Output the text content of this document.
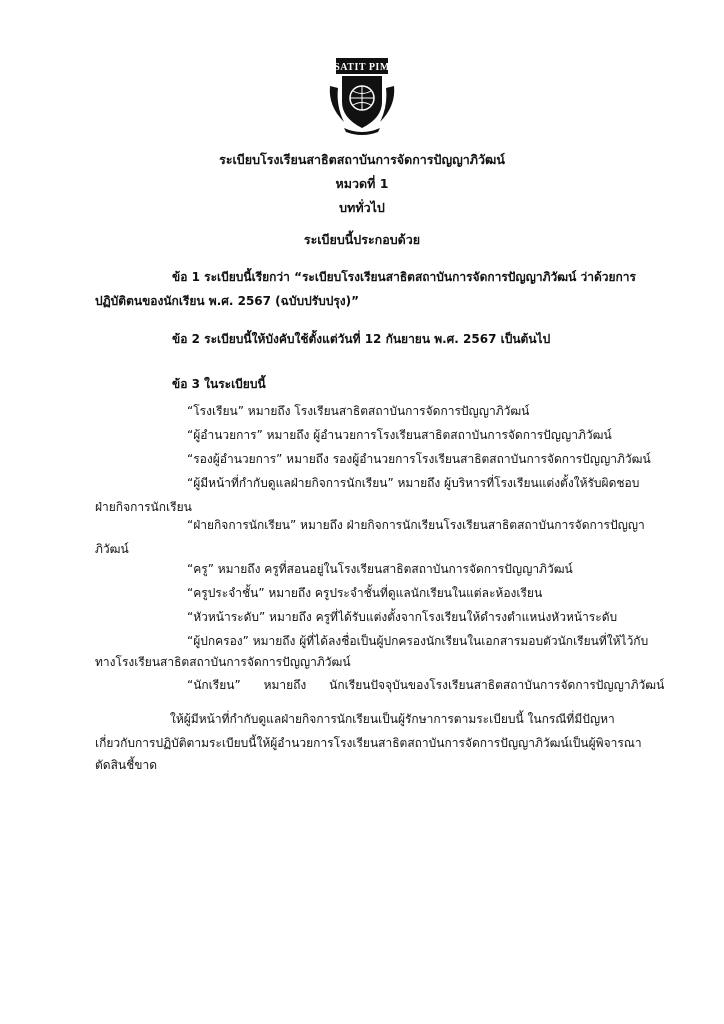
SATIT PIM
ระเบียบโรงเรียนสาธิตสถาบันการจัดการปัญญาภิวัฒน์
หมวดที่ 1
บททั่วไป
ระเบียบนี้ประกอบด้วย
ข้อ 1 ระเบียบนี้เรียกว่า “ระเบียบโรงเรียนสาธิตสถาบันการจัดการปัญญาภิวัฒน์ ว่าด้วยการ
ปฏิบัติตนของนักเรียน พ.ศ. 2567 (ฉบับปรับปรุง)”
ข้อ 2 ระเบียบนี้ให้บังคับใช้ตั้งแต่วันที่ 12 กันยายน พ.ศ. 2567 เป็นต้นไป
ข้อ 3 ในระเบียบนี้
“โรงเรียน” หมายถึง โรงเรียนสาธิตสถาบันการจัดการปัญญาภิวัฒน์
“ผู้อำนวยการ” หมายถึง ผู้อำนวยการโรงเรียนสาธิตสถาบันการจัดการปัญญาภิวัฒน์
“รองผู้อำนวยการ” หมายถึง รองผู้อำนวยการโรงเรียนสาธิตสถาบันการจัดการปัญญาภิวัฒน์
“ผู้มีหน้าที่กำกับดูแลฝ่ายกิจการนักเรียน” หมายถึง ผู้บริหารที่โรงเรียนแต่งตั้งให้รับผิดชอบ
ฝ่ายกิจการนักเรียน
“ฝ่ายกิจการนักเรียน” หมายถึง ฝ่ายกิจการนักเรียนโรงเรียนสาธิตสถาบันการจัดการปัญญา
ภิวัฒน์
“ครู” หมายถึง ครูที่สอนอยู่ในโรงเรียนสาธิตสถาบันการจัดการปัญญาภิวัฒน์
“ครูประจำชั้น” หมายถึง ครูประจำชั้นที่ดูแลนักเรียนในแต่ละห้องเรียน
“หัวหน้าระดับ” หมายถึง ครูที่ได้รับแต่งตั้งจากโรงเรียนให้ดำรงตำแหน่งหัวหน้าระดับ
“ผู้ปกครอง” หมายถึง ผู้ที่ได้ลงชื่อเป็นผู้ปกครองนักเรียนในเอกสารมอบตัวนักเรียนที่ให้ไว้กับ
ทางโรงเรียนสาธิตสถาบันการจัดการปัญญาภิวัฒน์
“นักเรียน”      หมายถึง      นักเรียนปัจจุบันของโรงเรียนสาธิตสถาบันการจัดการปัญญาภิวัฒน์
ให้ผู้มีหน้าที่กำกับดูแลฝ่ายกิจการนักเรียนเป็นผู้รักษาการตามระเบียบนี้ ในกรณีที่มีปัญหา
เกี่ยวกับการปฏิบัติตามระเบียบนี้ให้ผู้อำนวยการโรงเรียนสาธิตสถาบันการจัดการปัญญาภิวัฒน์เป็นผู้พิจารณา
ตัดสินชี้ขาด
